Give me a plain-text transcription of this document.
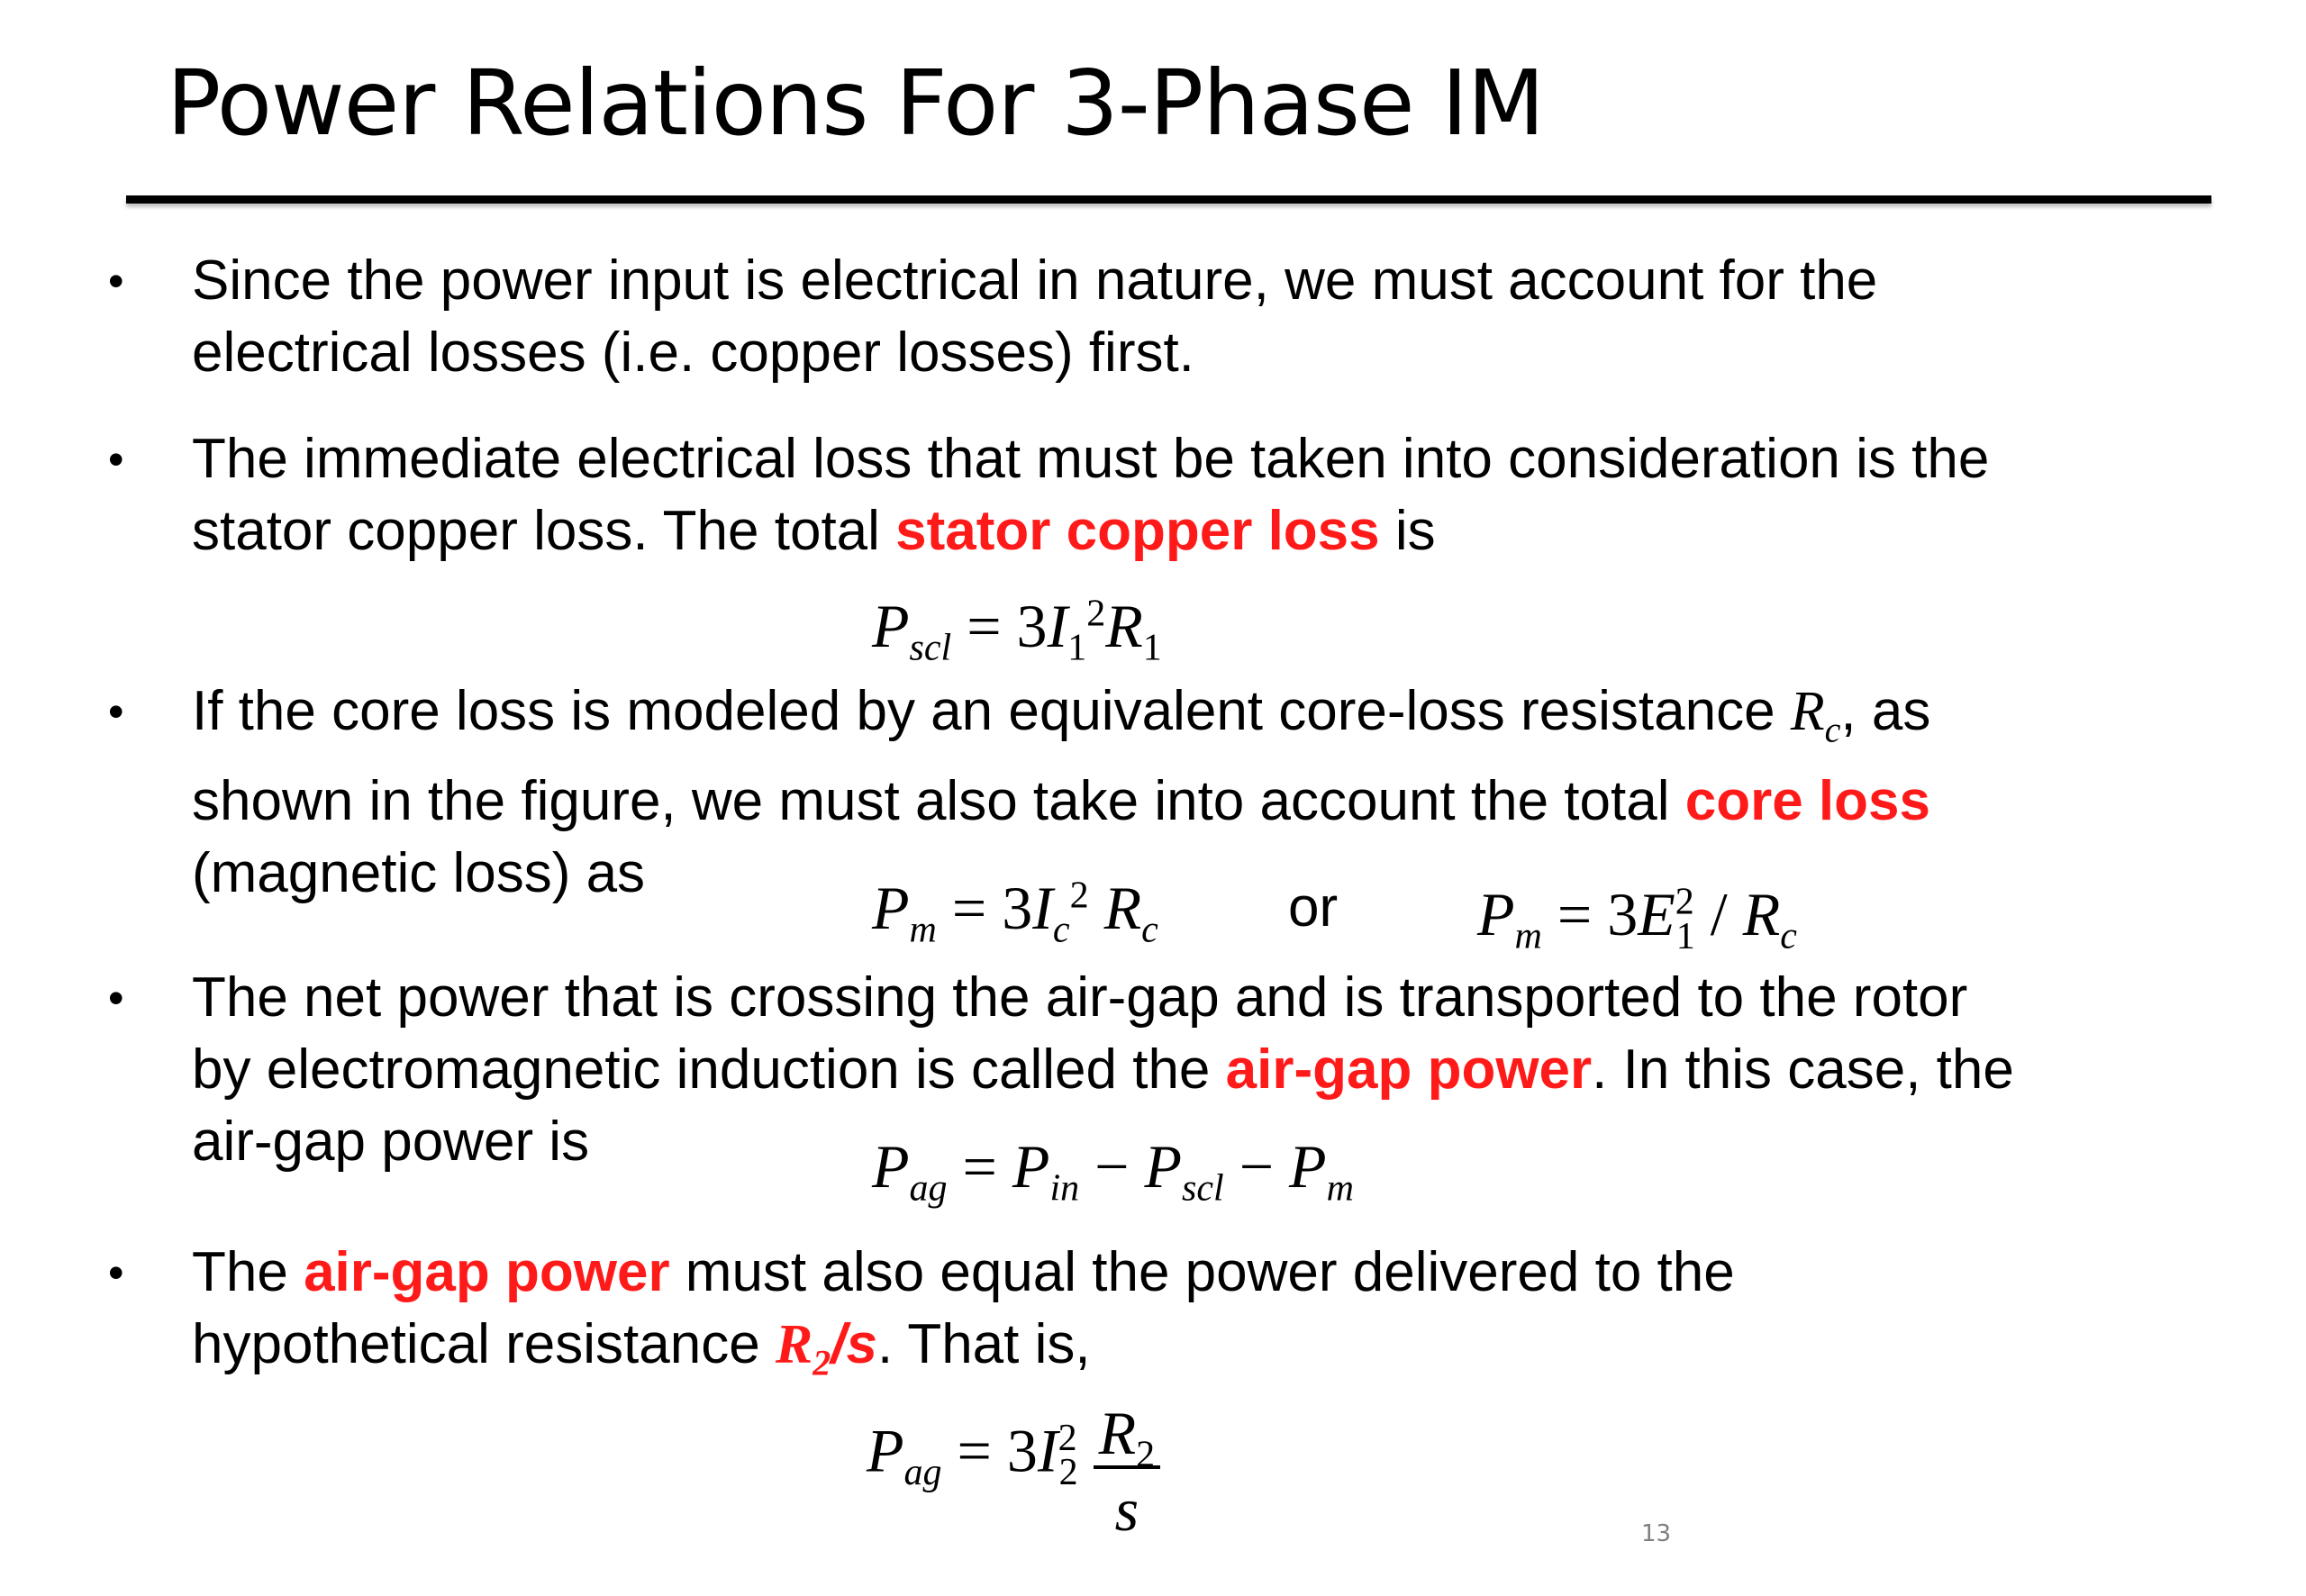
Power Relations For 3-Phase IM
•	Since the power input is electrical in nature, we must account for the
electrical losses (i.e. copper losses) first.
•	The immediate electrical loss that must be taken into consideration is the
stator copper loss. The total stator copper loss is
$P_{scl} = 3I_1^2R_1$
•	If the core loss is modeled by an equivalent core-loss resistance $R_c$, as
shown in the figure, we must also take into account the total core loss
(magnetic loss) as
$P_m = 3I_c^2$ $R_c$ or $P_m = 3E^2_1 / R_c$
•	The net power that is crossing the air-gap and is transported to the rotor
by electromagnetic induction is called the air-gap power. In this case, the
air-gap power is	$P_{ag} = P_{in} - P_{scl} - P_m$
•	The air-gap power must also equal the power delivered to the
hypothetical resistance $R_2/s$. That is,
$P_{ag} = 3I^2_2 \frac{R_2}{s}$	13
